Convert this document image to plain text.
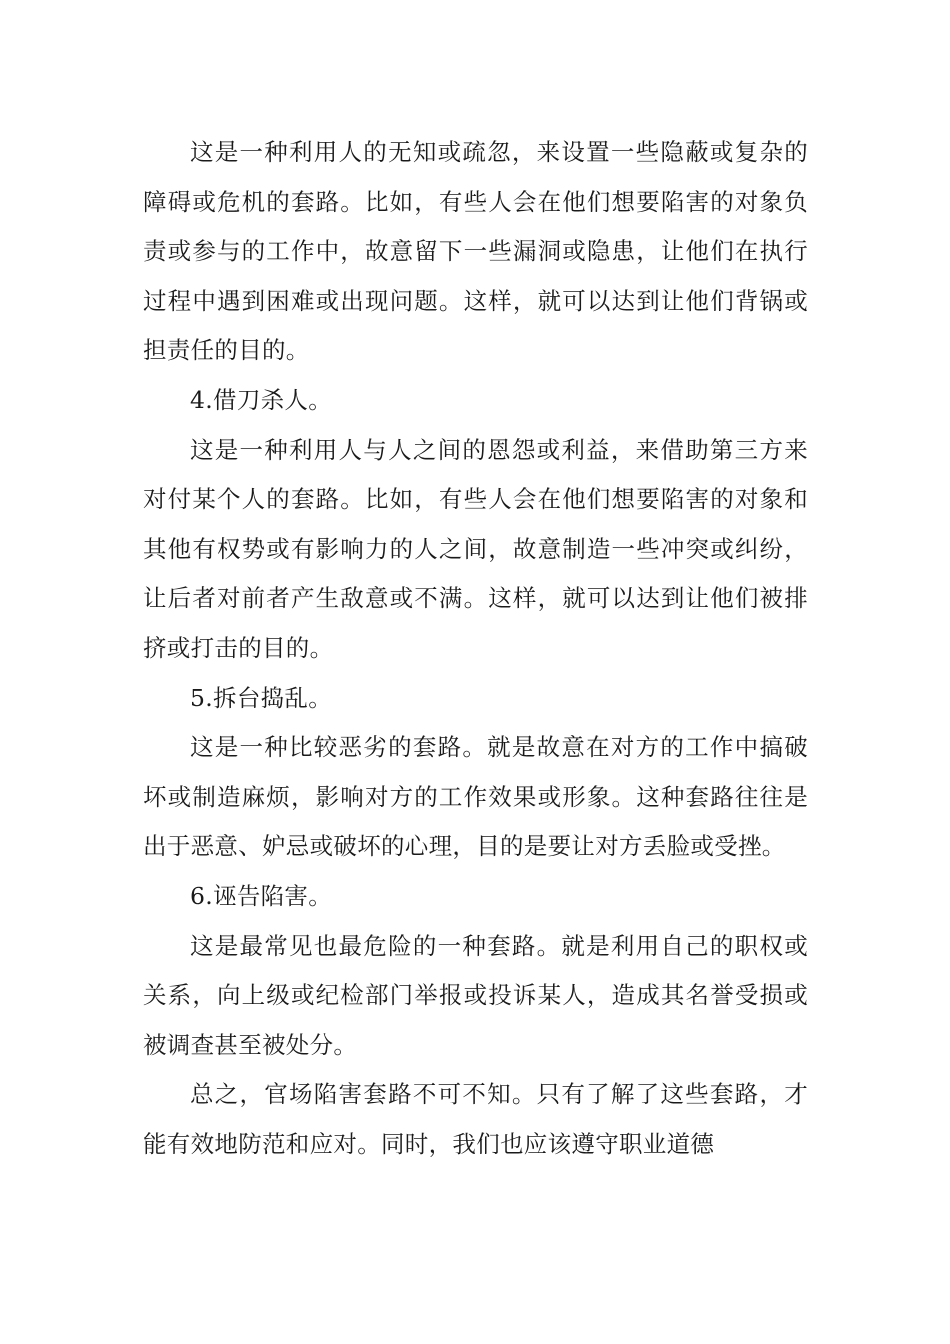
这是一种利用人的无知或疏忽，来设置一些隐蔽或复杂的障碍或危机的套路。比如，有些人会在他们想要陷害的对象负责或参与的工作中，故意留下一些漏洞或隐患，让他们在执行过程中遇到困难或出现问题。这样，就可以达到让他们背锅或担责任的目的。

4.借刀杀人。

这是一种利用人与人之间的恩怨或利益，来借助第三方来对付某个人的套路。比如，有些人会在他们想要陷害的对象和其他有权势或有影响力的人之间，故意制造一些冲突或纠纷，让后者对前者产生敌意或不满。这样，就可以达到让他们被排挤或打击的目的。

5.拆台捣乱。

这是一种比较恶劣的套路。就是故意在对方的工作中搞破坏或制造麻烦，影响对方的工作效果或形象。这种套路往往是出于恶意、妒忌或破坏的心理，目的是要让对方丢脸或受挫。

6.诬告陷害。

这是最常见也最危险的一种套路。就是利用自己的职权或关系，向上级或纪检部门举报或投诉某人，造成其名誉受损或被调查甚至被处分。

总之，官场陷害套路不可不知。只有了解了这些套路，才能有效地防范和应对。同时，我们也应该遵守职业道德
